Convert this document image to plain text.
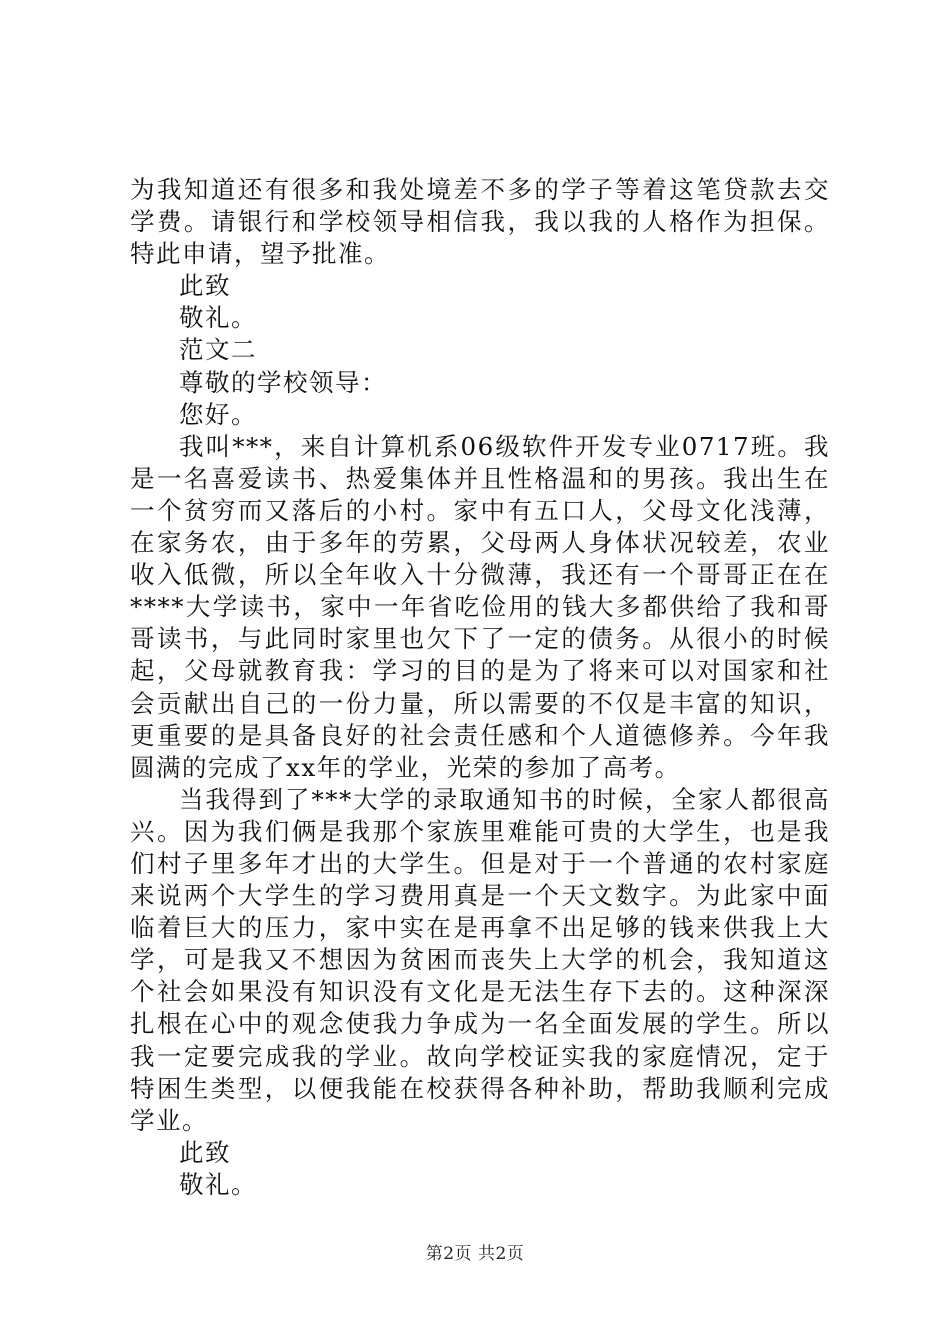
为我知道还有很多和我处境差不多的学子等着这笔贷款去交学费。请银行和学校领导相信我，我以我的人格作为担保。特此申请，望予批准。

此致

敬礼。

范文二

尊敬的学校领导：

您好。

我叫***，来自计算机系06级软件开发专业0717班。我是一名喜爱读书、热爱集体并且性格温和的男孩。我出生在一个贫穷而又落后的小村。家中有五口人，父母文化浅薄，在家务农，由于多年的劳累，父母两人身体状况较差，农业收入低微，所以全年收入十分微薄，我还有一个哥哥正在在****大学读书，家中一年省吃俭用的钱大多都供给了我和哥哥读书，与此同时家里也欠下了一定的债务。从很小的时候起，父母就教育我：学习的目的是为了将来可以对国家和社会贡献出自己的一份力量，所以需要的不仅是丰富的知识，更重要的是具备良好的社会责任感和个人道德修养。今年我圆满的完成了xx年的学业，光荣的参加了高考。

当我得到了***大学的录取通知书的时候，全家人都很高兴。因为我们俩是我那个家族里难能可贵的大学生，也是我们村子里多年才出的大学生。但是对于一个普通的农村家庭来说两个大学生的学习费用真是一个天文数字。为此家中面临着巨大的压力，家中实在是再拿不出足够的钱来供我上大学，可是我又不想因为贫困而丧失上大学的机会，我知道这个社会如果没有知识没有文化是无法生存下去的。这种深深扎根在心中的观念使我力争成为一名全面发展的学生。所以我一定要完成我的学业。故向学校证实我的家庭情况，定于特困生类型，以便我能在校获得各种补助，帮助我顺利完成学业。

此致

敬礼。

第2页 共2页
